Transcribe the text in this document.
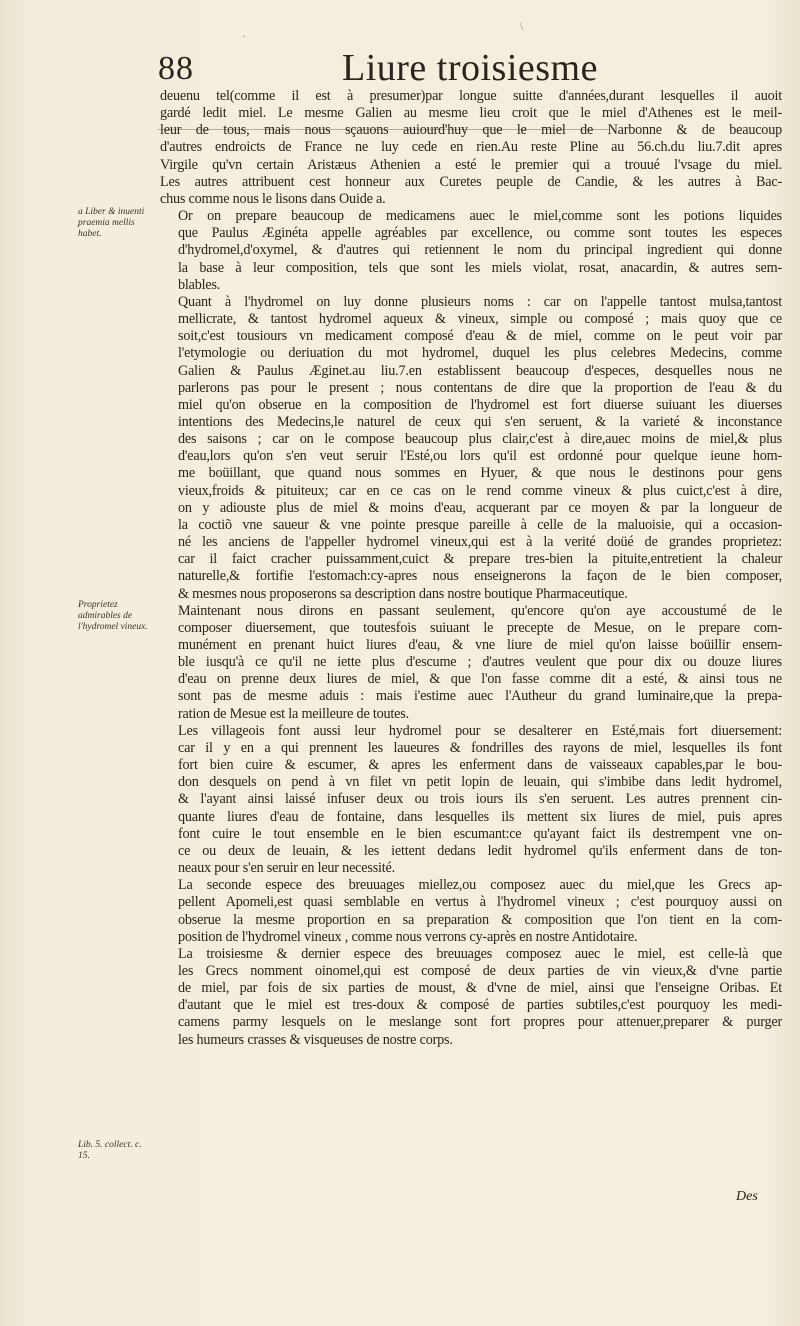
88	Liure troisiesme
·
\
a Liber & inuenti praemia mellis habet.
Proprietez admirables de l'hydromel vineux.
Lib. 5. collect. c. 15.

deuenu tel(comme il est à presumer)par longue suitte d'années,durant lesquelles il auoit
gardé ledit miel. Le mesme Galien au mesme lieu croit que le miel d'Athenes est le meil-
leur de tous, mais nous sçauons auiourd'huy que le miel de Narbonne & de beaucoup
d'autres endroicts de France ne luy cede en rien.Au reste Pline au 56.ch.du liu.7.dit apres
Virgile qu'vn certain Aristæus Athenien a esté le premier qui a trouué l'vsage du miel.
Les autres attribuent cest honneur aux Curetes peuple de Candie, & les autres à Bac-
chus comme nous le lisons dans Ouide a.

Or on prepare beaucoup de medicamens auec le miel,comme sont les potions liquides
que Paulus Æginéta appelle agréables par excellence, ou comme sont toutes les especes
d'hydromel,d'oxymel, & d'autres qui retiennent le nom du principal ingredient qui donne
la base à leur composition, tels que sont les miels violat, rosat, anacardin, & autres sem-
blables.

Quant à l'hydromel on luy donne plusieurs noms : car on l'appelle tantost mulsa,tantost
mellicrate, & tantost hydromel aqueux & vineux, simple ou composé ; mais quoy que ce
soit,c'est tousiours vn medicament composé d'eau & de miel, comme on le peut voir par
l'etymologie ou deriuation du mot hydromel, duquel les plus celebres Medecins, comme
Galien & Paulus Æginet.au liu.7.en establissent beaucoup d'especes, desquelles nous ne
parlerons pas pour le present ; nous contentans de dire que la proportion de l'eau & du
miel qu'on obserue en la composition de l'hydromel est fort diuerse suiuant les diuerses
intentions des Medecins,le naturel de ceux qui s'en seruent, & la varieté & inconstance
des saisons ; car on le compose beaucoup plus clair,c'est à dire,auec moins de miel,& plus
d'eau,lors qu'on s'en veut seruir l'Esté,ou lors qu'il est ordonné pour quelque ieune hom-
me boüillant, que quand nous sommes en Hyuer, & que nous le destinons pour gens
vieux,froids & pituiteux; car en ce cas on le rend comme vineux & plus cuict,c'est à dire,
on y adiouste plus de miel & moins d'eau, acquerant par ce moyen & par la longueur de
la coctiõ vne saueur & vne pointe presque pareille à celle de la maluoisie, qui a occasion-
né les anciens de l'appeller hydromel vineux,qui est à la verité doüé de grandes proprietez:
car il faict cracher puissamment,cuict & prepare tres-bien la pituite,entretient la chaleur
naturelle,& fortifie l'estomach:cy-apres nous enseignerons la façon de le bien composer,
& mesmes nous proposerons sa description dans nostre boutique Pharmaceutique.

Maintenant nous dirons en passant seulement, qu'encore qu'on aye accoustumé de le
composer diuersement, que toutesfois suiuant le precepte de Mesue, on le prepare com-
munément en prenant huict liures d'eau, & vne liure de miel qu'on laisse boüillir ensem-
ble iusqu'à ce qu'il ne iette plus d'escume ; d'autres veulent que pour dix ou douze liures
d'eau on prenne deux liures de miel, & que l'on fasse comme dit a esté, & ainsi tous ne
sont pas de mesme aduis : mais i'estime auec l'Autheur du grand luminaire,que la prepa-
ration de Mesue est la meilleure de toutes.

Les villageois font aussi leur hydromel pour se desalterer en Esté,mais fort diuersement:
car il y en a qui prennent les laueures & fondrilles des rayons de miel, lesquelles ils font
fort bien cuire & escumer, & apres les enferment dans de vaisseaux capables,par le bou-
don desquels on pend à vn filet vn petit lopin de leuain, qui s'imbibe dans ledit hydromel,
& l'ayant ainsi laissé infuser deux ou trois iours ils s'en seruent. Les autres prennent cin-
quante liures d'eau de fontaine, dans lesquelles ils mettent six liures de miel, puis apres
font cuire le tout ensemble en le bien escumant:ce qu'ayant faict ils destrempent vne on-
ce ou deux de leuain, & les iettent dedans ledit hydromel qu'ils enferment dans de ton-
neaux pour s'en seruir en leur necessité.

La seconde espece des breuuages miellez,ou composez auec du miel,que les Grecs ap-
pellent Apomeli,est quasi semblable en vertus à l'hydromel vineux ; c'est pourquoy aussi on
obserue la mesme proportion en sa preparation & composition que l'on tient en la com-
position de l'hydromel vineux , comme nous verrons cy-après en nostre Antidotaire.

La troisiesme & dernier espece des breuuages composez auec le miel, est celle-là que
les Grecs nomment oinomel,qui est composé de deux parties de vin vieux,& d'vne partie
de miel, par fois de six parties de moust, & d'vne de miel, ainsi que l'enseigne Oribas. Et
d'autant que le miel est tres-doux & composé de parties subtiles,c'est pourquoy les medi-
camens parmy lesquels on le meslange sont fort propres pour attenuer,preparer & purger
les humeurs crasses & visqueuses de nostre corps.

Des
